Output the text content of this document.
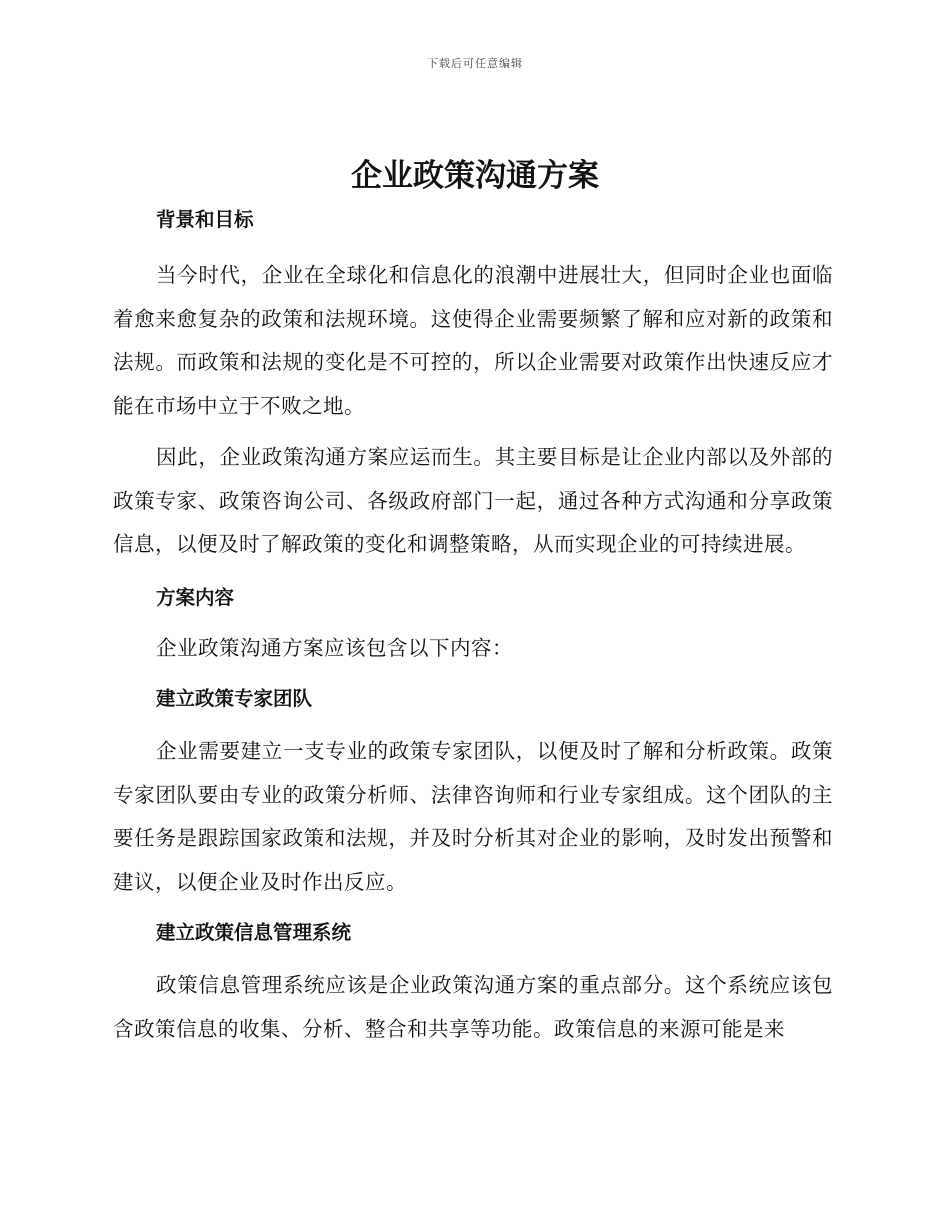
下载后可任意编辑
企业政策沟通方案
背景和目标

当今时代，企业在全球化和信息化的浪潮中进展壮大，但同时企业也面临着愈来愈复杂的政策和法规环境。这使得企业需要频繁了解和应对新的政策和法规。而政策和法规的变化是不可控的，所以企业需要对政策作出快速反应才能在市场中立于不败之地。

因此，企业政策沟通方案应运而生。其主要目标是让企业内部以及外部的政策专家、政策咨询公司、各级政府部门一起，通过各种方式沟通和分享政策信息，以便及时了解政策的变化和调整策略，从而实现企业的可持续进展。

方案内容

企业政策沟通方案应该包含以下内容：

建立政策专家团队

企业需要建立一支专业的政策专家团队，以便及时了解和分析政策。政策专家团队要由专业的政策分析师、法律咨询师和行业专家组成。这个团队的主要任务是跟踪国家政策和法规，并及时分析其对企业的影响，及时发出预警和建议，以便企业及时作出反应。

建立政策信息管理系统

政策信息管理系统应该是企业政策沟通方案的重点部分。这个系统应该包含政策信息的收集、分析、整合和共享等功能。政策信息的来源可能是来
